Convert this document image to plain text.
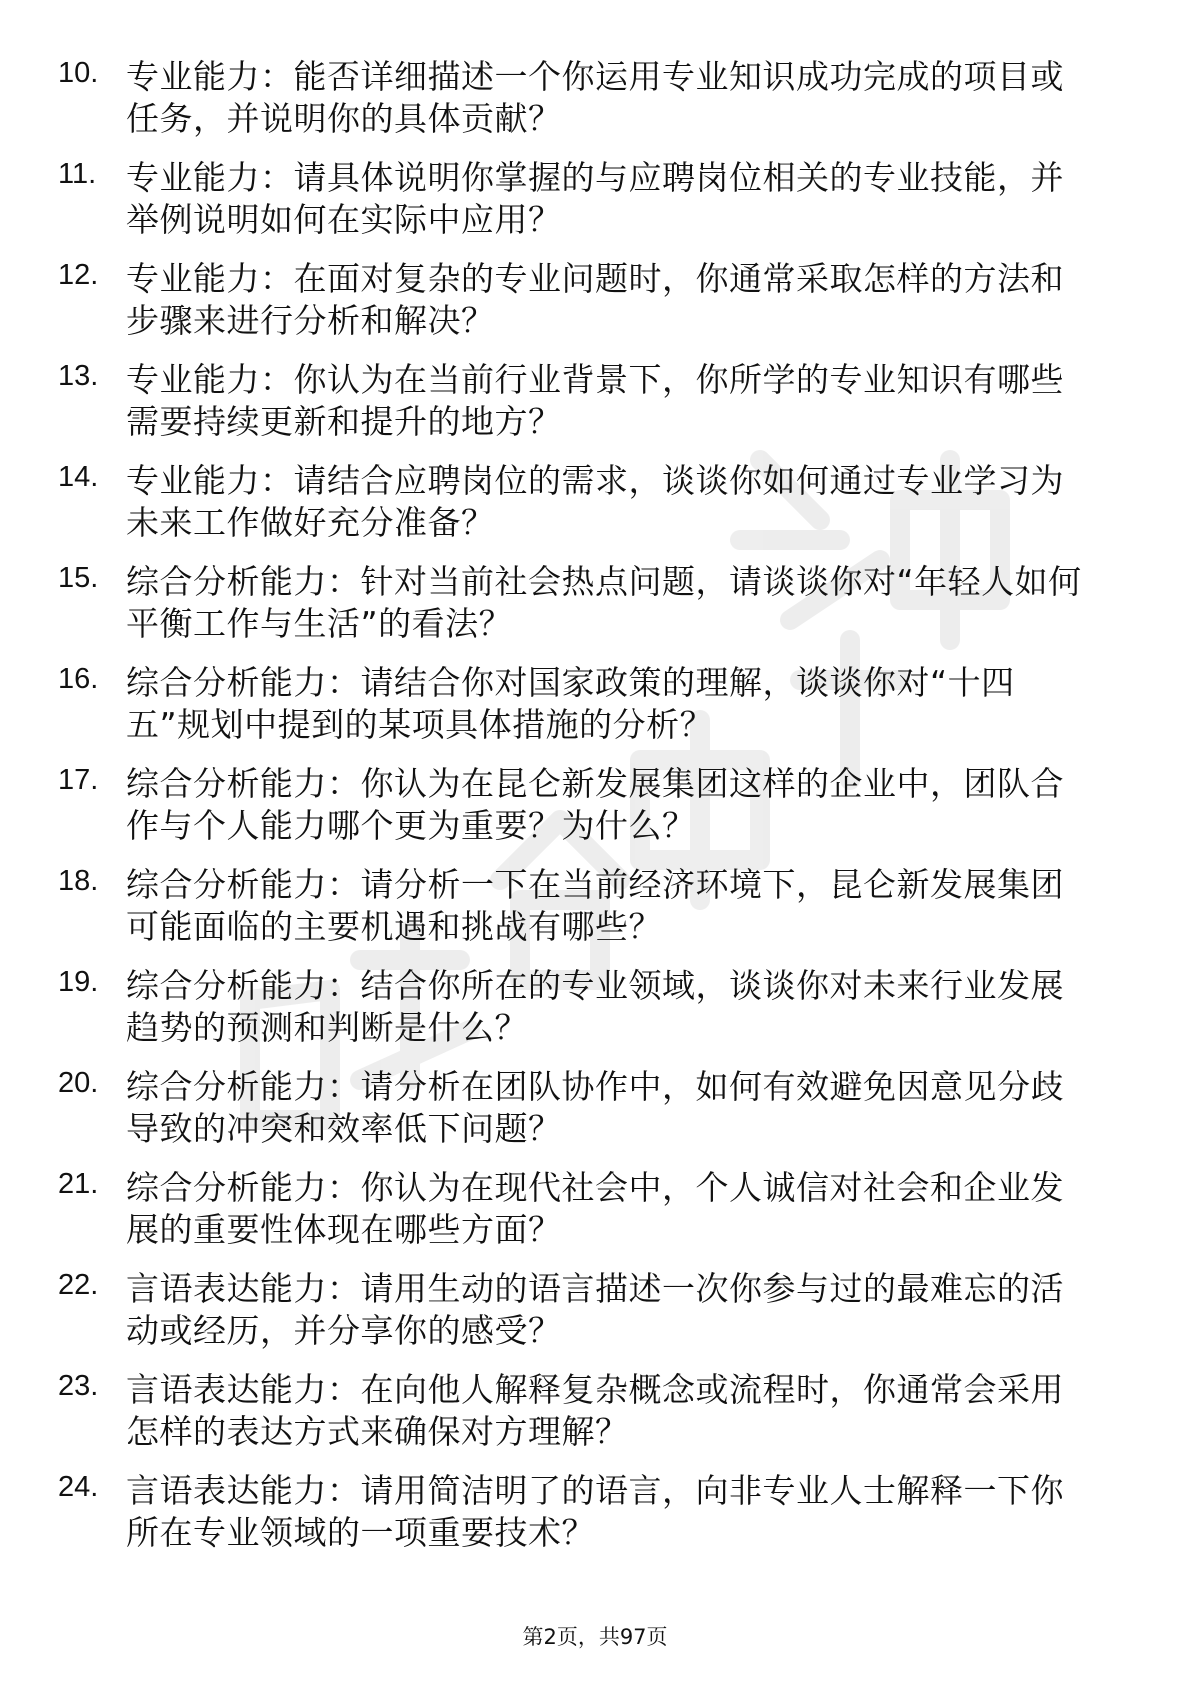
10. 专业能力：能否详细描述一个你运用专业知识成功完成的项目或
任务，并说明你的具体贡献？
11. 专业能力：请具体说明你掌握的与应聘岗位相关的专业技能，并
举例说明如何在实际中应用？
12. 专业能力：在面对复杂的专业问题时，你通常采取怎样的方法和
步骤来进行分析和解决？
13. 专业能力：你认为在当前行业背景下，你所学的专业知识有哪些
需要持续更新和提升的地方？
14. 专业能力：请结合应聘岗位的需求，谈谈你如何通过专业学习为
未来工作做好充分准备？
15. 综合分析能力：针对当前社会热点问题，请谈谈你对“年轻人如何
平衡工作与生活”的看法？
16. 综合分析能力：请结合你对国家政策的理解，谈谈你对“十四
五”规划中提到的某项具体措施的分析？
17. 综合分析能力：你认为在昆仑新发展集团这样的企业中，团队合
作与个人能力哪个更为重要？为什么？
18. 综合分析能力：请分析一下在当前经济环境下，昆仑新发展集团
可能面临的主要机遇和挑战有哪些？
19. 综合分析能力：结合你所在的专业领域，谈谈你对未来行业发展
趋势的预测和判断是什么？
20. 综合分析能力：请分析在团队协作中，如何有效避免因意见分歧
导致的冲突和效率低下问题？
21. 综合分析能力：你认为在现代社会中，个人诚信对社会和企业发
展的重要性体现在哪些方面？
22. 言语表达能力：请用生动的语言描述一次你参与过的最难忘的活
动或经历，并分享你的感受？
23. 言语表达能力：在向他人解释复杂概念或流程时，你通常会采用
怎样的表达方式来确保对方理解？
24. 言语表达能力：请用简洁明了的语言，向非专业人士解释一下你
所在专业领域的一项重要技术？
第2页，共97页
